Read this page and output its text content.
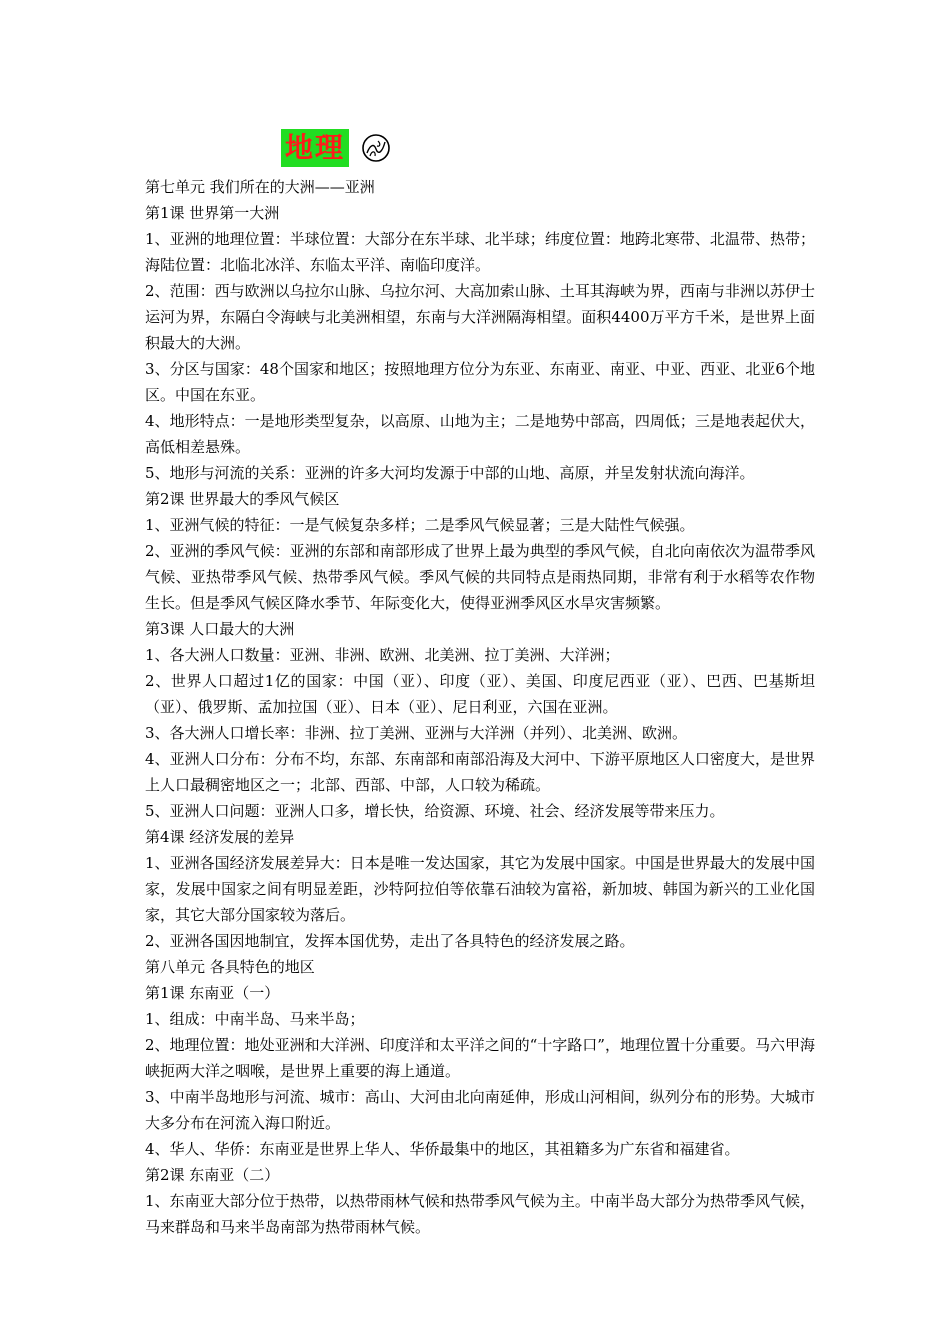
地理

第七单元 我们所在的大洲——亚洲

第1课 世界第一大洲

1、亚洲的地理位置：半球位置：大部分在东半球、北半球；纬度位置：地跨北寒带、北温带、热带；海陆位置：北临北冰洋、东临太平洋、南临印度洋。

2、范围：西与欧洲以乌拉尔山脉、乌拉尔河、大高加索山脉、土耳其海峡为界，西南与非洲以苏伊士运河为界，东隔白令海峡与北美洲相望，东南与大洋洲隔海相望。面积4400万平方千米，是世界上面积最大的大洲。

3、分区与国家：48个国家和地区；按照地理方位分为东亚、东南亚、南亚、中亚、西亚、北亚6个地区。中国在东亚。

4、地形特点：一是地形类型复杂，以高原、山地为主；二是地势中部高，四周低；三是地表起伏大，高低相差悬殊。

5、地形与河流的关系：亚洲的许多大河均发源于中部的山地、高原，并呈发射状流向海洋。

第2课 世界最大的季风气候区

1、亚洲气候的特征：一是气候复杂多样；二是季风气候显著；三是大陆性气候强。

2、亚洲的季风气候：亚洲的东部和南部形成了世界上最为典型的季风气候，自北向南依次为温带季风气候、亚热带季风气候、热带季风气候。季风气候的共同特点是雨热同期，非常有利于水稻等农作物生长。但是季风气候区降水季节、年际变化大，使得亚洲季风区水旱灾害频繁。

第3课 人口最大的大洲

1、各大洲人口数量：亚洲、非洲、欧洲、北美洲、拉丁美洲、大洋洲；

2、世界人口超过1亿的国家：中国（亚）、印度（亚）、美国、印度尼西亚（亚）、巴西、巴基斯坦（亚）、俄罗斯、孟加拉国（亚）、日本（亚）、尼日利亚，六国在亚洲。

3、各大洲人口增长率：非洲、拉丁美洲、亚洲与大洋洲（并列）、北美洲、欧洲。

4、亚洲人口分布：分布不均，东部、东南部和南部沿海及大河中、下游平原地区人口密度大，是世界上人口最稠密地区之一；北部、西部、中部，人口较为稀疏。

5、亚洲人口问题：亚洲人口多，增长快，给资源、环境、社会、经济发展等带来压力。

第4课 经济发展的差异

1、亚洲各国经济发展差异大：日本是唯一发达国家，其它为发展中国家。中国是世界最大的发展中国家，发展中国家之间有明显差距，沙特阿拉伯等依靠石油较为富裕，新加坡、韩国为新兴的工业化国家，其它大部分国家较为落后。

2、亚洲各国因地制宜，发挥本国优势，走出了各具特色的经济发展之路。

第八单元 各具特色的地区

第1课 东南亚（一）

1、组成：中南半岛、马来半岛；

2、地理位置：地处亚洲和大洋洲、印度洋和太平洋之间的“十字路口”，地理位置十分重要。马六甲海峡扼两大洋之咽喉，是世界上重要的海上通道。

3、中南半岛地形与河流、城市：高山、大河由北向南延伸，形成山河相间，纵列分布的形势。大城市大多分布在河流入海口附近。

4、华人、华侨：东南亚是世界上华人、华侨最集中的地区，其祖籍多为广东省和福建省。

第2课 东南亚（二）

1、东南亚大部分位于热带，以热带雨林气候和热带季风气候为主。中南半岛大部分为热带季风气候，马来群岛和马来半岛南部为热带雨林气候。
